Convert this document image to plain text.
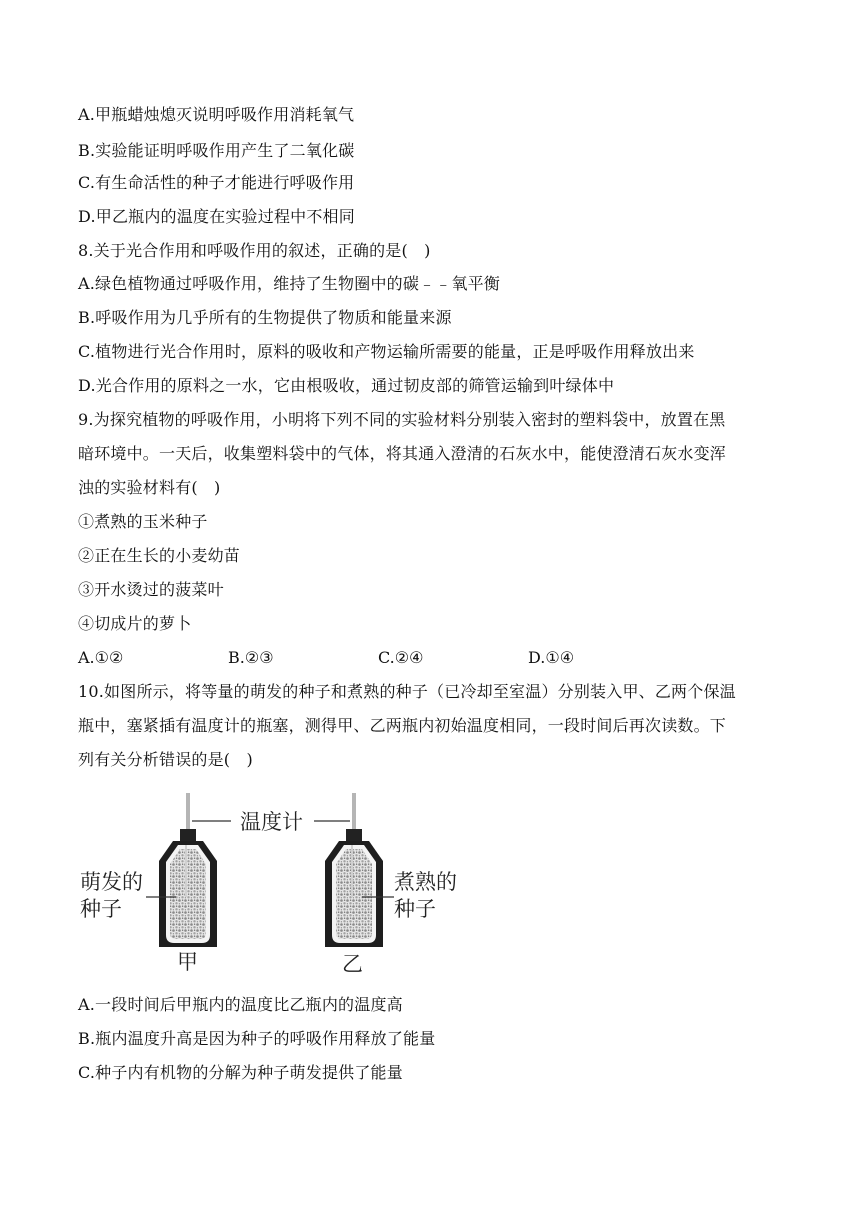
A.甲瓶蜡烛熄灭说明呼吸作用消耗氧气
B.实验能证明呼吸作用产生了二氧化碳
C.有生命活性的种子才能进行呼吸作用
D.甲乙瓶内的温度在实验过程中不相同
8.关于光合作用和呼吸作用的叙述，正确的是(　)
A.绿色植物通过呼吸作用，维持了生物圈中的碳﹣﹣氧平衡
B.呼吸作用为几乎所有的生物提供了物质和能量来源
C.植物进行光合作用时，原料的吸收和产物运输所需要的能量，正是呼吸作用释放出来
D.光合作用的原料之一水，它由根吸收，通过韧皮部的筛管运输到叶绿体中
9.为探究植物的呼吸作用，小明将下列不同的实验材料分别装入密封的塑料袋中，放置在黑
暗环境中。一天后，收集塑料袋中的气体，将其通入澄清的石灰水中，能使澄清石灰水变浑
浊的实验材料有(　)
①煮熟的玉米种子
②正在生长的小麦幼苗
③开水烫过的菠菜叶
④切成片的萝卜
A.①②	B.②③	C.②④	D.①④
10.如图所示，将等量的萌发的种子和煮熟的种子（已冷却至室温）分别装入甲、乙两个保温
瓶中，塞紧插有温度计的瓶塞，测得甲、乙两瓶内初始温度相同，一段时间后再次读数。下
列有关分析错误的是(　)
温度计
萌发的
种子
煮熟的
种子
甲	乙
A.一段时间后甲瓶内的温度比乙瓶内的温度高
B.瓶内温度升高是因为种子的呼吸作用释放了能量
C.种子内有机物的分解为种子萌发提供了能量
